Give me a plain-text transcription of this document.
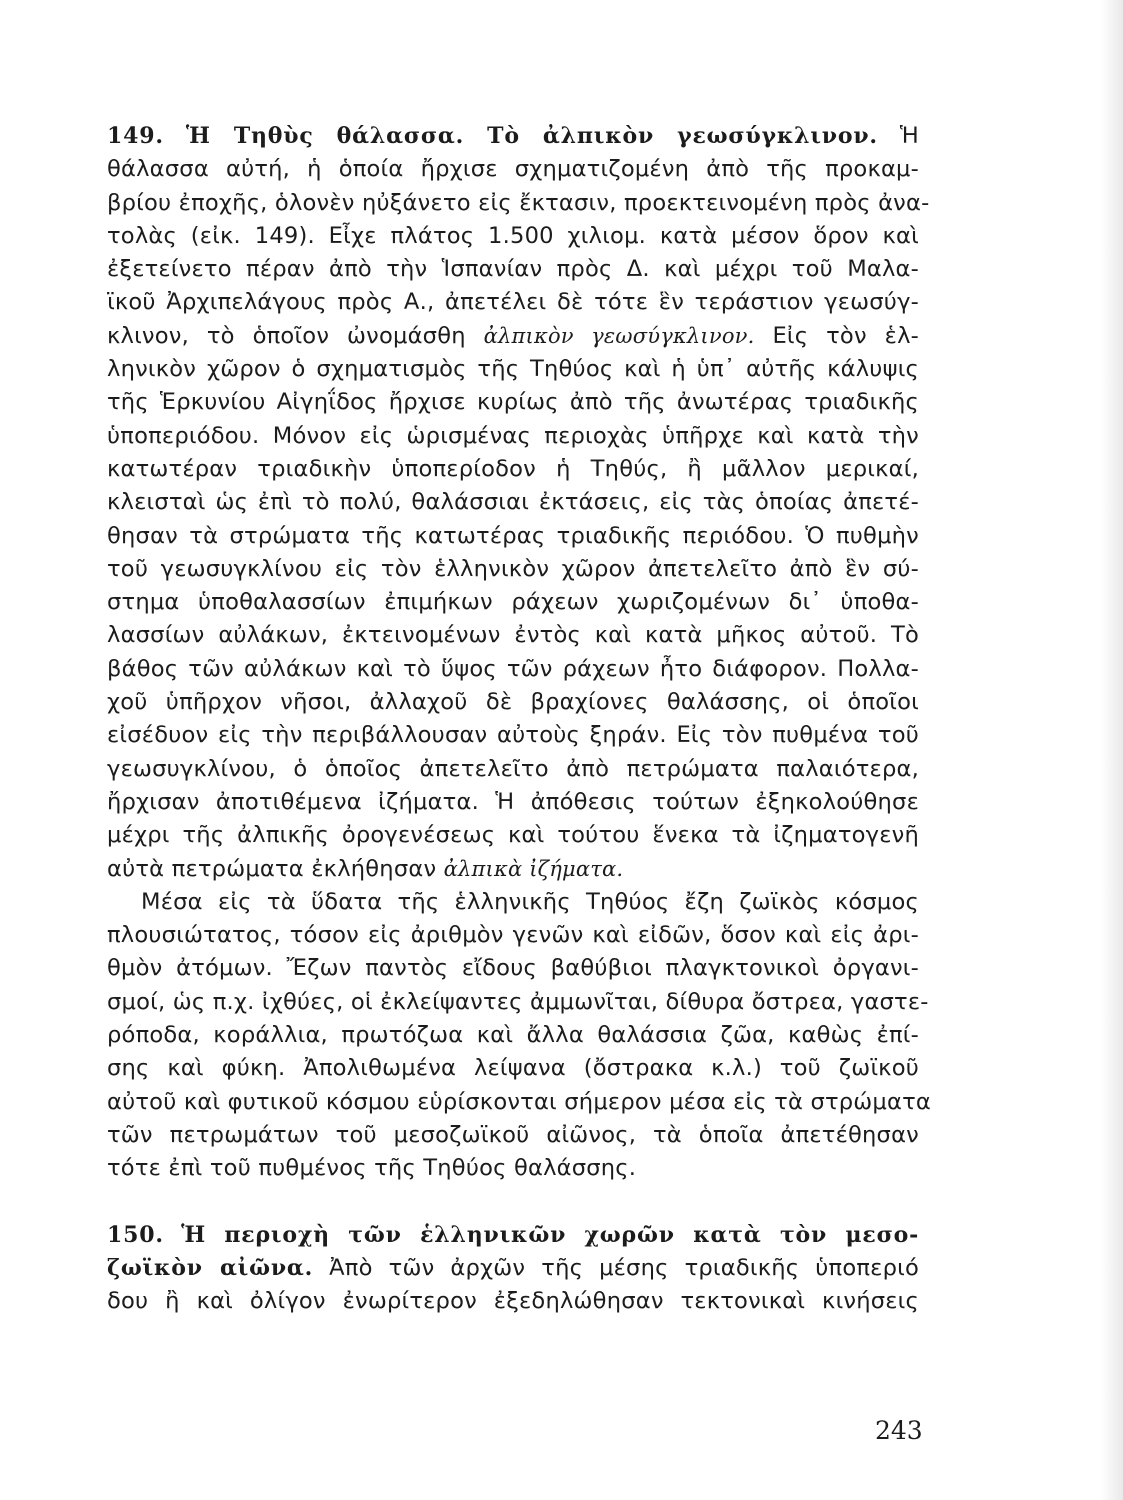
149. Ἡ Τηθὺς θάλασσα. Τὸ ἀλπικὸν γεωσύγκλινον. Ἡ
θάλασσα αὐτή, ἡ ὁποία ἤρχισε σχηματιζομένη ἀπὸ τῆς προκαμ-
βρίου ἐποχῆς, ὁλονὲν ηὐξάνετο εἰς ἔκτασιν, προεκτεινομένη πρὸς ἀνα-
τολὰς (εἰκ. 149). Εἶχε πλάτος 1.500 χιλιομ. κατὰ μέσον ὅρον καὶ
ἐξετείνετο πέραν ἀπὸ τὴν Ἱσπανίαν πρὸς Δ. καὶ μέχρι τοῦ Μαλα-
ϊκοῦ Ἀρχιπελάγους πρὸς Α., ἀπετέλει δὲ τότε ἓν τεράστιον γεωσύγ-
κλινον, τὸ ὁποῖον ὠνομάσθη ἀλπικὸν γεωσύγκλινον. Εἰς τὸν ἑλ-
ληνικὸν χῶρον ὁ σχηματισμὸς τῆς Τηθύος καὶ ἡ ὑπ᾽ αὐτῆς κάλυψις
τῆς Ἑρκυνίου Αἰγηΐδος ἤρχισε κυρίως ἀπὸ τῆς ἀνωτέρας τριαδικῆς
ὑποπεριόδου. Μόνον εἰς ὡρισμένας περιοχὰς ὑπῆρχε καὶ κατὰ τὴν
κατωτέραν τριαδικὴν ὑποπερίοδον ἡ Τηθύς, ἢ μᾶλλον μερικαί,
κλεισταὶ ὡς ἐπὶ τὸ πολύ, θαλάσσιαι ἐκτάσεις, εἰς τὰς ὁποίας ἀπετέ-
θησαν τὰ στρώματα τῆς κατωτέρας τριαδικῆς περιόδου. Ὁ πυθμὴν
τοῦ γεωσυγκλίνου εἰς τὸν ἑλληνικὸν χῶρον ἀπετελεῖτο ἀπὸ ἓν σύ-
στημα ὑποθαλασσίων ἐπιμήκων ράχεων χωριζομένων δι᾽ ὑποθα-
λασσίων αὐλάκων, ἐκτεινομένων ἐντὸς καὶ κατὰ μῆκος αὐτοῦ. Τὸ
βάθος τῶν αὐλάκων καὶ τὸ ὕψος τῶν ράχεων ἦτο διάφορον. Πολλα-
χοῦ ὑπῆρχον νῆσοι, ἀλλαχοῦ δὲ βραχίονες θαλάσσης, οἱ ὁποῖοι
εἰσέδυον εἰς τὴν περιβάλλουσαν αὐτοὺς ξηράν. Εἰς τὸν πυθμένα τοῦ
γεωσυγκλίνου, ὁ ὁποῖος ἀπετελεῖτο ἀπὸ πετρώματα παλαιότερα,
ἤρχισαν ἀποτιθέμενα ἰζήματα. Ἡ ἀπόθεσις τούτων ἐξηκολούθησε
μέχρι τῆς ἀλπικῆς ὀρογενέσεως καὶ τούτου ἕνεκα τὰ ἰζηματογενῆ
αὐτὰ πετρώματα ἐκλήθησαν ἀλπικὰ ἰζήματα.
Μέσα εἰς τὰ ὕδατα τῆς ἑλληνικῆς Τηθύος ἔζη ζωϊκὸς κόσμος
πλουσιώτατος, τόσον εἰς ἀριθμὸν γενῶν καὶ εἰδῶν, ὅσον καὶ εἰς ἀρι-
θμὸν ἀτόμων. Ἔζων παντὸς εἴδους βαθύβιοι πλαγκτονικοὶ ὀργανι-
σμοί, ὡς π.χ. ἰχθύες, οἱ ἐκλείψαντες ἀμμωνῖται, δίθυρα ὄστρεα, γαστε-
ρόποδα, κοράλλια, πρωτόζωα καὶ ἄλλα θαλάσσια ζῶα, καθὼς ἐπί-
σης καὶ φύκη. Ἀπολιθωμένα λείψανα (ὄστρακα κ.λ.) τοῦ ζωϊκοῦ
αὐτοῦ καὶ φυτικοῦ κόσμου εὑρίσκονται σήμερον μέσα εἰς τὰ στρώματα
τῶν πετρωμάτων τοῦ μεσοζωϊκοῦ αἰῶνος, τὰ ὁποῖα ἀπετέθησαν
τότε ἐπὶ τοῦ πυθμένος τῆς Τηθύος θαλάσσης.
150. Ἡ περιοχὴ τῶν ἑλληνικῶν χωρῶν κατὰ τὸν μεσο-
ζωϊκὸν αἰῶνα. Ἀπὸ τῶν ἀρχῶν τῆς μέσης τριαδικῆς ὑποπεριό
δου ἢ καὶ ὀλίγον ἐνωρίτερον ἐξεδηλώθησαν τεκτονικαὶ κινήσεις
243
